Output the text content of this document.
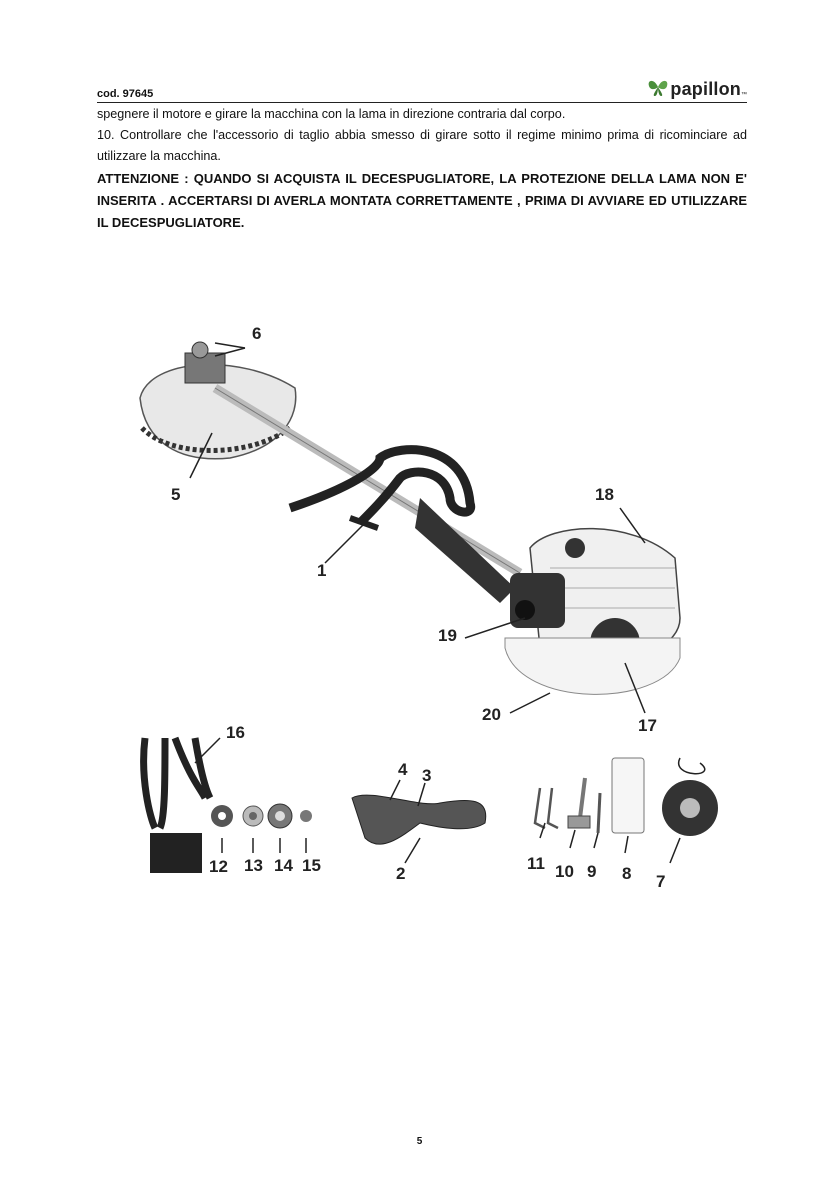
cod. 97645	papillon ™

spegnere il motore e girare la macchina con la lama in direzione contraria dal corpo.

10. Controllare che l'accessorio di taglio abbia smesso di girare sotto il regime minimo prima di ricominciare ad utilizzare la macchina.

ATTENZIONE : QUANDO SI ACQUISTA IL DECESPUGLIATORE, LA PROTEZIONE DELLA LAMA NON E' INSERITA . ACCERTARSI DI AVERLA MONTATA CORRETTAMENTE , PRIMA DI AVVIARE ED UTILIZZARE IL DECESPUGLIATORE.

6
5
1
18
19
20
17
16
4 3
12 13 14 15	2
11 10 9 8 7
5
